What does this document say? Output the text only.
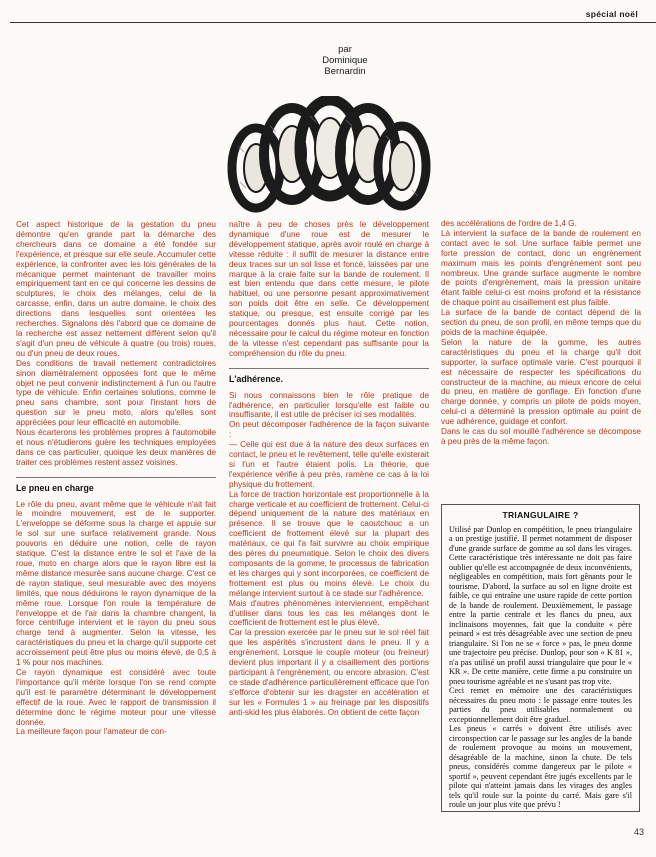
spécial noël
par
Dominique
Bernardin

Cet aspect historique de la gestation du pneu démontre qu'en grande part la démarche des chercheurs dans ce domaine a été fondée sur l'expérience, et presque sur elle seule. Accumuler cette expérience, la confronter avec les lois générales de la mécanique permet maintenant de travailler moins empiriquement tant en ce qui concerne les dessins de sculptures, le choix des mélanges, celui de la carcasse, enfin, dans un autre domaine, le choix des directions dans lesquelles sont orientées les recherches. Signalons dès l'abord que ce domaine de la recherche est assez nettement différent selon qu'il s'agit d'un pneu de véhicule à quatre (ou trois) roues, ou d'un pneu de deux roues.

Des conditions de travail nettement contradictoires sinon diamétralement opposées font que le même objet ne peut convenir indistinctement à l'un ou l'autre type de véhicule. Enfin certaines solutions, comme le pneu sans chambre, sont pour l'instant hors de question sur le pneu moto, alors qu'elles sont appréciées pour leur efficacité en automobile.

Nous écarterons les problèmes propres à l'automobile et nous n'étudierons guère les techniques employées dans ce cas particulier, quoique les deux manières de traiter ces problèmes restent assez voisines.

Le pneu en charge

Le rôle du pneu, avant même que le véhicule n'ait fait le moindre mouvement, est de le supporter. L'enveloppe se déforme sous la charge et appuie sur le sol sur une surface relativement grande. Nous pouvons en déduire une notion, celle de rayon statique. C'est la distance entre le sol et l'axe de la roue, moto en charge alors que le rayon libre est la même distance mesurée sans aucune charge. C'est ce de rayon statique, seul mesurable avec des moyens limités, que nous déduirons le rayon dynamique de la même roue. Lorsque l'on roule la température de l'enveloppe et de l'air dans la chambre changent, la force centrifuge intervient et le rayon du pneu sous charge tend à augmenter. Selon la vitesse, les caractéristiques du pneu et la charge qu'il supporte cet accroissement peut être plus ou moins élevé, de 0,5 à 1 % pour nos machines.

Ce rayon dynamique est considéré avec toute l'importance qu'il mérite lorsque l'on se rend compte qu'il est le paramètre déterminant le développement effectif de la roue. Avec le rapport de transmission il détermine donc le régime moteur pour une vitesse donnée.

La meilleure façon pour l'amateur de con-

naître à peu de choses près le développement dynamique d'une roue est de mesurer le développement statique, après avoir roulé en charge à vitesse réduite : il suffit de mesurer la distance entre deux traces sur un sol lisse et foncé, laissées par une marque à la craie faite sur la bande de roulement. Il est bien entendu que dans cette mesure, le pilote habituel, ou une personne pesant approximativement son poids doit être en selle. Ce développement statique, ou presque, est ensuite corrigé par les pourcentages donnés plus haut. Cette notion, nécessaire pour le calcul du régime moteur en fonction de la vitesse n'est cependant pas suffisante pour la compréhension du rôle du pneu.

L'adhérence.

Si nous connaissons bien le rôle pratique de l'adhérence, en particulier lorsqu'elle est faible ou insuffisante, il est utile de préciser ici ses modalités.

On peut décomposer l'adhérence de la façon suivante :

— Celle qui est due à la nature des deux surfaces en contact, le pneu et le revêtement, telle qu'elle existerait si l'un et l'autre étaient polis. La théorie, que l'expérience vérifie à peu près, ramène ce cas à la loi physique du frottement.

La force de traction horizontale est proportionnelle à la charge verticale et au coefficient de frottement. Celui-ci dépend uniquement de la nature des matériaux en présence. Il se trouve que le caoutchouc a un coefficient de frottement élevé sur la plupart des matériaux, ce qui l'a fait survivre au choix empirique des pères du pneumatique. Selon le choix des divers composants de la gomme, le processus de fabrication et les charges qui y sont incorporées, ce coefficient de frottement est plus ou moins élevé. Le choix du mélange intervient surtout à ce stade sur l'adhérence.

Mais d'autres phénomènes interviennent, empêchant d'utiliser dans tous les cas les mélanges dont le coefficient de frottement est le plus élevé.

Car la pression exercée par le pneu sur le sol réel fait que les aspérités s'incrustent dans le pneu. Il y a engrènement. Lorsque le couple moteur (ou freineur) devient plus important il y a cisaillement des portions participant à l'engrènement, ou encore abrasion. C'est ce stade d'adhérence particulièrement efficace que l'on s'efforce d'obtenir sur les dragster en accélération et sur les « Formules 1 » au freinage par les dispositifs anti-skid les plus élaborés. On obtient de cette façon

des accélérations de l'ordre de 1,4 G.

Là intervient la surface de la bande de roulement en contact avec le sol. Une surface faible permet une forte pression de contact, donc un engrènement maximum mais les points d'engrènement sont peu nombreux. Une grande surface augmente le nombre de points d'engrènement, mais la pression unitaire étant faible celui-ci est moins profond et la résistance de chaque point au cisaillement est plus faible.

La surface de la bande de contact dépend de la section du pneu, de son profil, en même temps que du poids de la machine équipée.

Selon la nature de la gomme, les autres caractéristiques du pneu et la charge qu'il doit supporter, la surface optimale varie. C'est pourquoi il est nécessaire de respecter les spécifications du constructeur de la machine, au mieux encore de celui du pneu, en matière de gonflage. En fonction d'une charge donnée, y compris un pilote de poids moyen, celui-ci a déterminé la pression optimale au point de vue adhérence, guidage et confort.

Dans le cas du sol mouillé l'adhérence se décompose à peu près de la même façon.

TRIANGULAIRE ?

Utilisé par Dunlop en compétition, le pneu triangulaire a un prestige justifié. Il permet notamment de disposer d'une grande surface de gomme au sol dans les virages. Cette caractéristique très intéressante ne doit pas faire oublier qu'elle est accompagnée de deux inconvénients, négligeables en compétition, mais fort gênants pour le tourisme. D'abord, la surface au sol en ligne droite est faible, ce qui entraîne une usure rapide de cette portion de la bande de roulement. Deuxièmement, le passage entre la partie centrale et les flancs du pneu, aux inclinaisons moyennes, fait que la conduite « père peinard » est très désagréable avec une section de pneu triangulaire. Si l'on ne se « force » pas, le pneu donne une trajectoire peu précise. Dunlop, pour son « K 81 », n'a pas utilisé un profil aussi triangulaire que pour le « KR ». De cette manière, cette firme a pu construire un pneu tourisme agréable et ne s'usant pas trop vite.

Ceci remet en mémoire une des caractéristiques nécessaires du pneu moto : le passage entre toutes les parties du pneu utilisables normalement ou exceptionnellement doit être graduel.

Les pneus « carrés » doivent être utilisés avec circonspection car le passage sur les angles de la bande de roulement provoque au moins un mouvement, désagréable de la machine, sinon la chute. De tels pneus, considérés comme dangereux par le pilote « sportif », peuvent cependant être jugés excellents par le pilote qui n'atteint jamais dans les virages des angles tels qu'il roule sur la pointe du carré. Mais gare s'il roule un jour plus vite que prévu !

43
